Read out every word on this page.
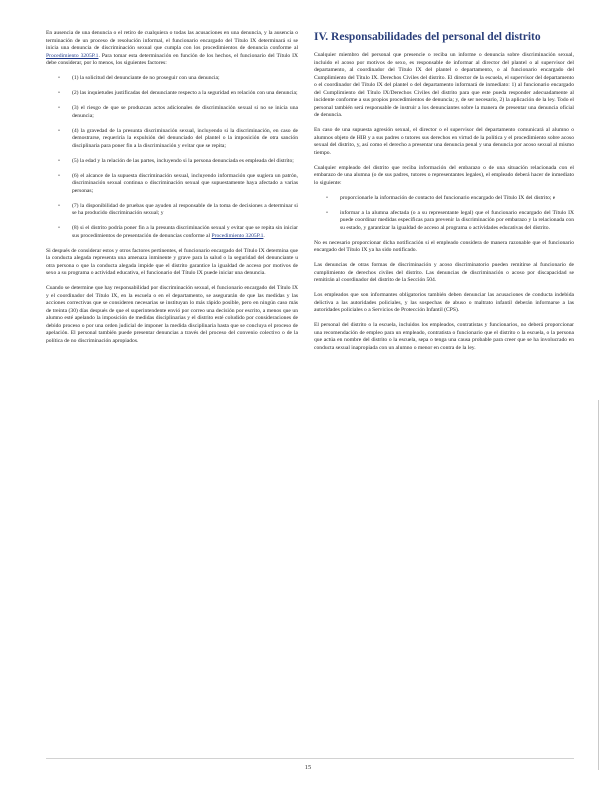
En ausencia de una denuncia o el retiro de cualquiera o todas las acusaciones en una denuncia, y la ausencia o terminación de un proceso de resolución informal, el funcionario encargado del Título IX determinará si se inicia una denuncia de discriminación sexual que cumpla con los procedimientos de denuncia conforme al Procedimiento 3205P.1. Para tomar esta determinación en función de los hechos, el funcionario del Título IX debe considerar, por lo menos, los siguientes factores:

▫ (1) la solicitud del denunciante de no proseguir con una denuncia;
▫ (2) las inquietudes justificadas del denunciante respecto a la seguridad en relación con una denuncia;
▫ (3) el riesgo de que se produzcan actos adicionales de discriminación sexual si no se inicia una denuncia;
▫ (4) la gravedad de la presunta discriminación sexual, incluyendo si la discriminación, en caso de demostrarse, requeriría la expulsión del denunciado del plantel o la imposición de otra sanción disciplinaria para poner fin a la discriminación y evitar que se repita;
▫ (5) la edad y la relación de las partes, incluyendo si la persona denunciada es empleada del distrito;
▫ (6) el alcance de la supuesta discriminación sexual, incluyendo información que sugiera un patrón, discriminación sexual continua o discriminación sexual que supuestamente haya afectado a varias personas;
▫ (7) la disponibilidad de pruebas que ayuden al responsable de la toma de decisiones a determinar si se ha producido discriminación sexual; y
▫ (8) si el distrito podría poner fin a la presunta discriminación sexual y evitar que se repita sin iniciar sus procedimientos de presentación de denuncias conforme al Procedimiento 3205P.1.

Si después de considerar estos y otros factores pertinentes, el funcionario encargado del Título IX determina que la conducta alegada representa una amenaza inminente y grave para la salud o la seguridad del denunciante u otra persona o que la conducta alegada impide que el distrito garantice la igualdad de acceso por motivos de sexo a su programa o actividad educativa, el funcionario del Título IX puede iniciar una denuncia.

Cuando se determine que hay responsabilidad por discriminación sexual, el funcionario encargado del Título IX y el coordinador del Título IX, en la escuela o en el departamento, se asegurarán de que las medidas y las acciones correctivas que se consideren necesarias se instituyan lo más rápido posible, pero en ningún caso más de treinta (30) días después de que el superintendente envió por correo una decisión por escrito, a menos que un alumno esté apelando la imposición de medidas disciplinarias y el distrito esté coludido por consideraciones de debido proceso o por una orden judicial de imponer la medida disciplinaria hasta que se concluya el proceso de apelación. El personal también puede presentar denuncias a través del proceso del convenio colectivo o de la política de no discriminación apropiados.

IV. Responsabilidades del personal del distrito

Cualquier miembro del personal que presencie o reciba un informe o denuncia sobre discriminación sexual, incluido el acoso por motivos de sexo, es responsable de informar al director del plantel o al supervisor del departamento, al coordinador del Título IX del plantel o departamento, o al funcionario encargado del Cumplimiento del Título IX. Derechos Civiles del distrito. El director de la escuela, el supervisor del departamento o el coordinador del Título IX del plantel o del departamento informará de inmediato: 1) al funcionario encargado del Cumplimiento del Título IX/Derechos Civiles del distrito para que este pueda responder adecuadamente al incidente conforme a sus propios procedimientos de denuncia; y, de ser necesario, 2) la aplicación de la ley. Todo el personal también será responsable de instruir a los denunciantes sobre la manera de presentar una denuncia oficial de denuncia.

En caso de una supuesta agresión sexual, el director o el supervisor del departamento comunicará al alumno o alumnos objeto de HIB y a sus padres o tutores sus derechos en virtud de la política y el procedimiento sobre acoso sexual del distrito, y, así como el derecho a presentar una denuncia penal y una denuncia por acoso sexual al mismo tiempo.

Cualquier empleado del distrito que reciba información del embarazo o de una situación relacionada con el embarazo de una alumna (o de sus padres, tutores o representantes legales), el empleado deberá hacer de inmediato lo siguiente:

▫ proporcionarle la información de contacto del funcionario encargado del Título IX del distrito; e
▫ informar a la alumna afectada (o a su representante legal) que el funcionario encargado del Título IX puede coordinar medidas específicas para prevenir la discriminación por embarazo y la relacionada con su estado, y garantizar la igualdad de acceso al programa o actividades educativas del distrito.

No es necesario proporcionar dicha notificación si el empleado considera de manera razonable que el funcionario encargado del Título IX ya ha sido notificado.

Las denuncias de otras formas de discriminación y acoso discriminatorio pueden remitirse al funcionario de cumplimiento de derechos civiles del distrito. Las denuncias de discriminación o acoso por discapacidad se remitirán al coordinador del distrito de la Sección 504.

Los empleados que son informantes obligatorios también deben denunciar las acusaciones de conducta indebida delictiva a las autoridades policiales, y las sospechas de abuso o maltrato infantil deberán informarse a las autoridades policiales o a Servicios de Protección Infantil (CPS).

El personal del distrito o la escuela, incluidos los empleados, contratistas y funcionarios, no deberá proporcionar una recomendación de empleo para un empleado, contratista o funcionario que el distrito o la escuela, o la persona que actúa en nombre del distrito o la escuela, sepa o tenga una causa probable para creer que se ha involucrado en conducta sexual inapropiada con un alumno o menor en contra de la ley.

15
